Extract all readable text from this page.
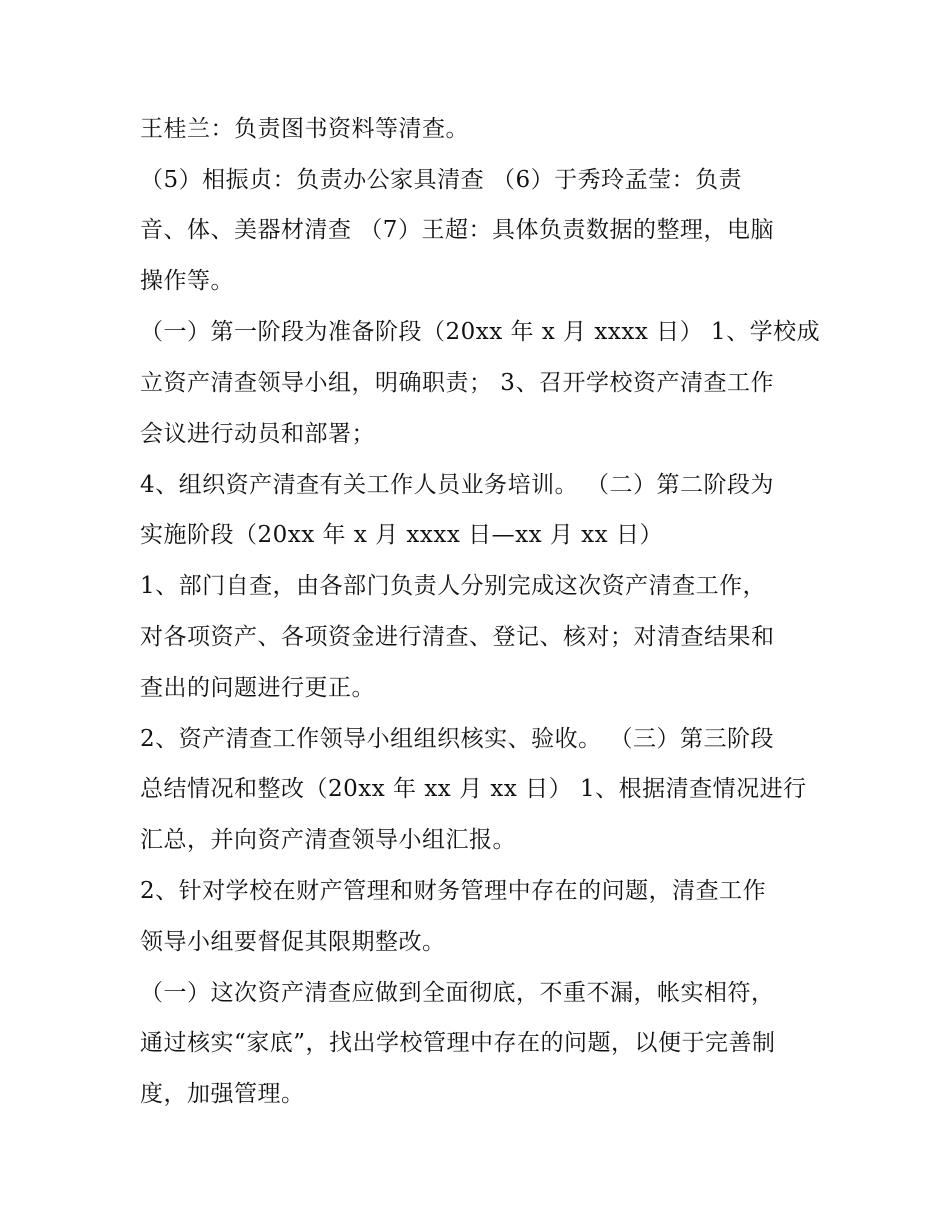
王桂兰：负责图书资料等清查。
（5）相振贞：负责办公家具清查 （6）于秀玲孟莹：负责
音、体、美器材清查 （7）王超：具体负责数据的整理，电脑
操作等。
（一）第一阶段为准备阶段（20xx 年 x 月 xxxx 日） 1、学校成
立资产清查领导小组，明确职责； 3、召开学校资产清查工作
会议进行动员和部署；
4、组织资产清查有关工作人员业务培训。 （二）第二阶段为
实施阶段（20xx 年 x 月 xxxx 日—xx 月 xx 日）
1、部门自查，由各部门负责人分别完成这次资产清查工作，
对各项资产、各项资金进行清查、登记、核对；对清查结果和
查出的问题进行更正。
2、资产清查工作领导小组组织核实、验收。 （三）第三阶段
总结情况和整改（20xx 年 xx 月 xx 日） 1、根据清查情况进行
汇总，并向资产清查领导小组汇报。
2、针对学校在财产管理和财务管理中存在的问题，清查工作
领导小组要督促其限期整改。
（一）这次资产清查应做到全面彻底，不重不漏，帐实相符，
通过核实“家底”，找出学校管理中存在的问题，以便于完善制
度，加强管理。
